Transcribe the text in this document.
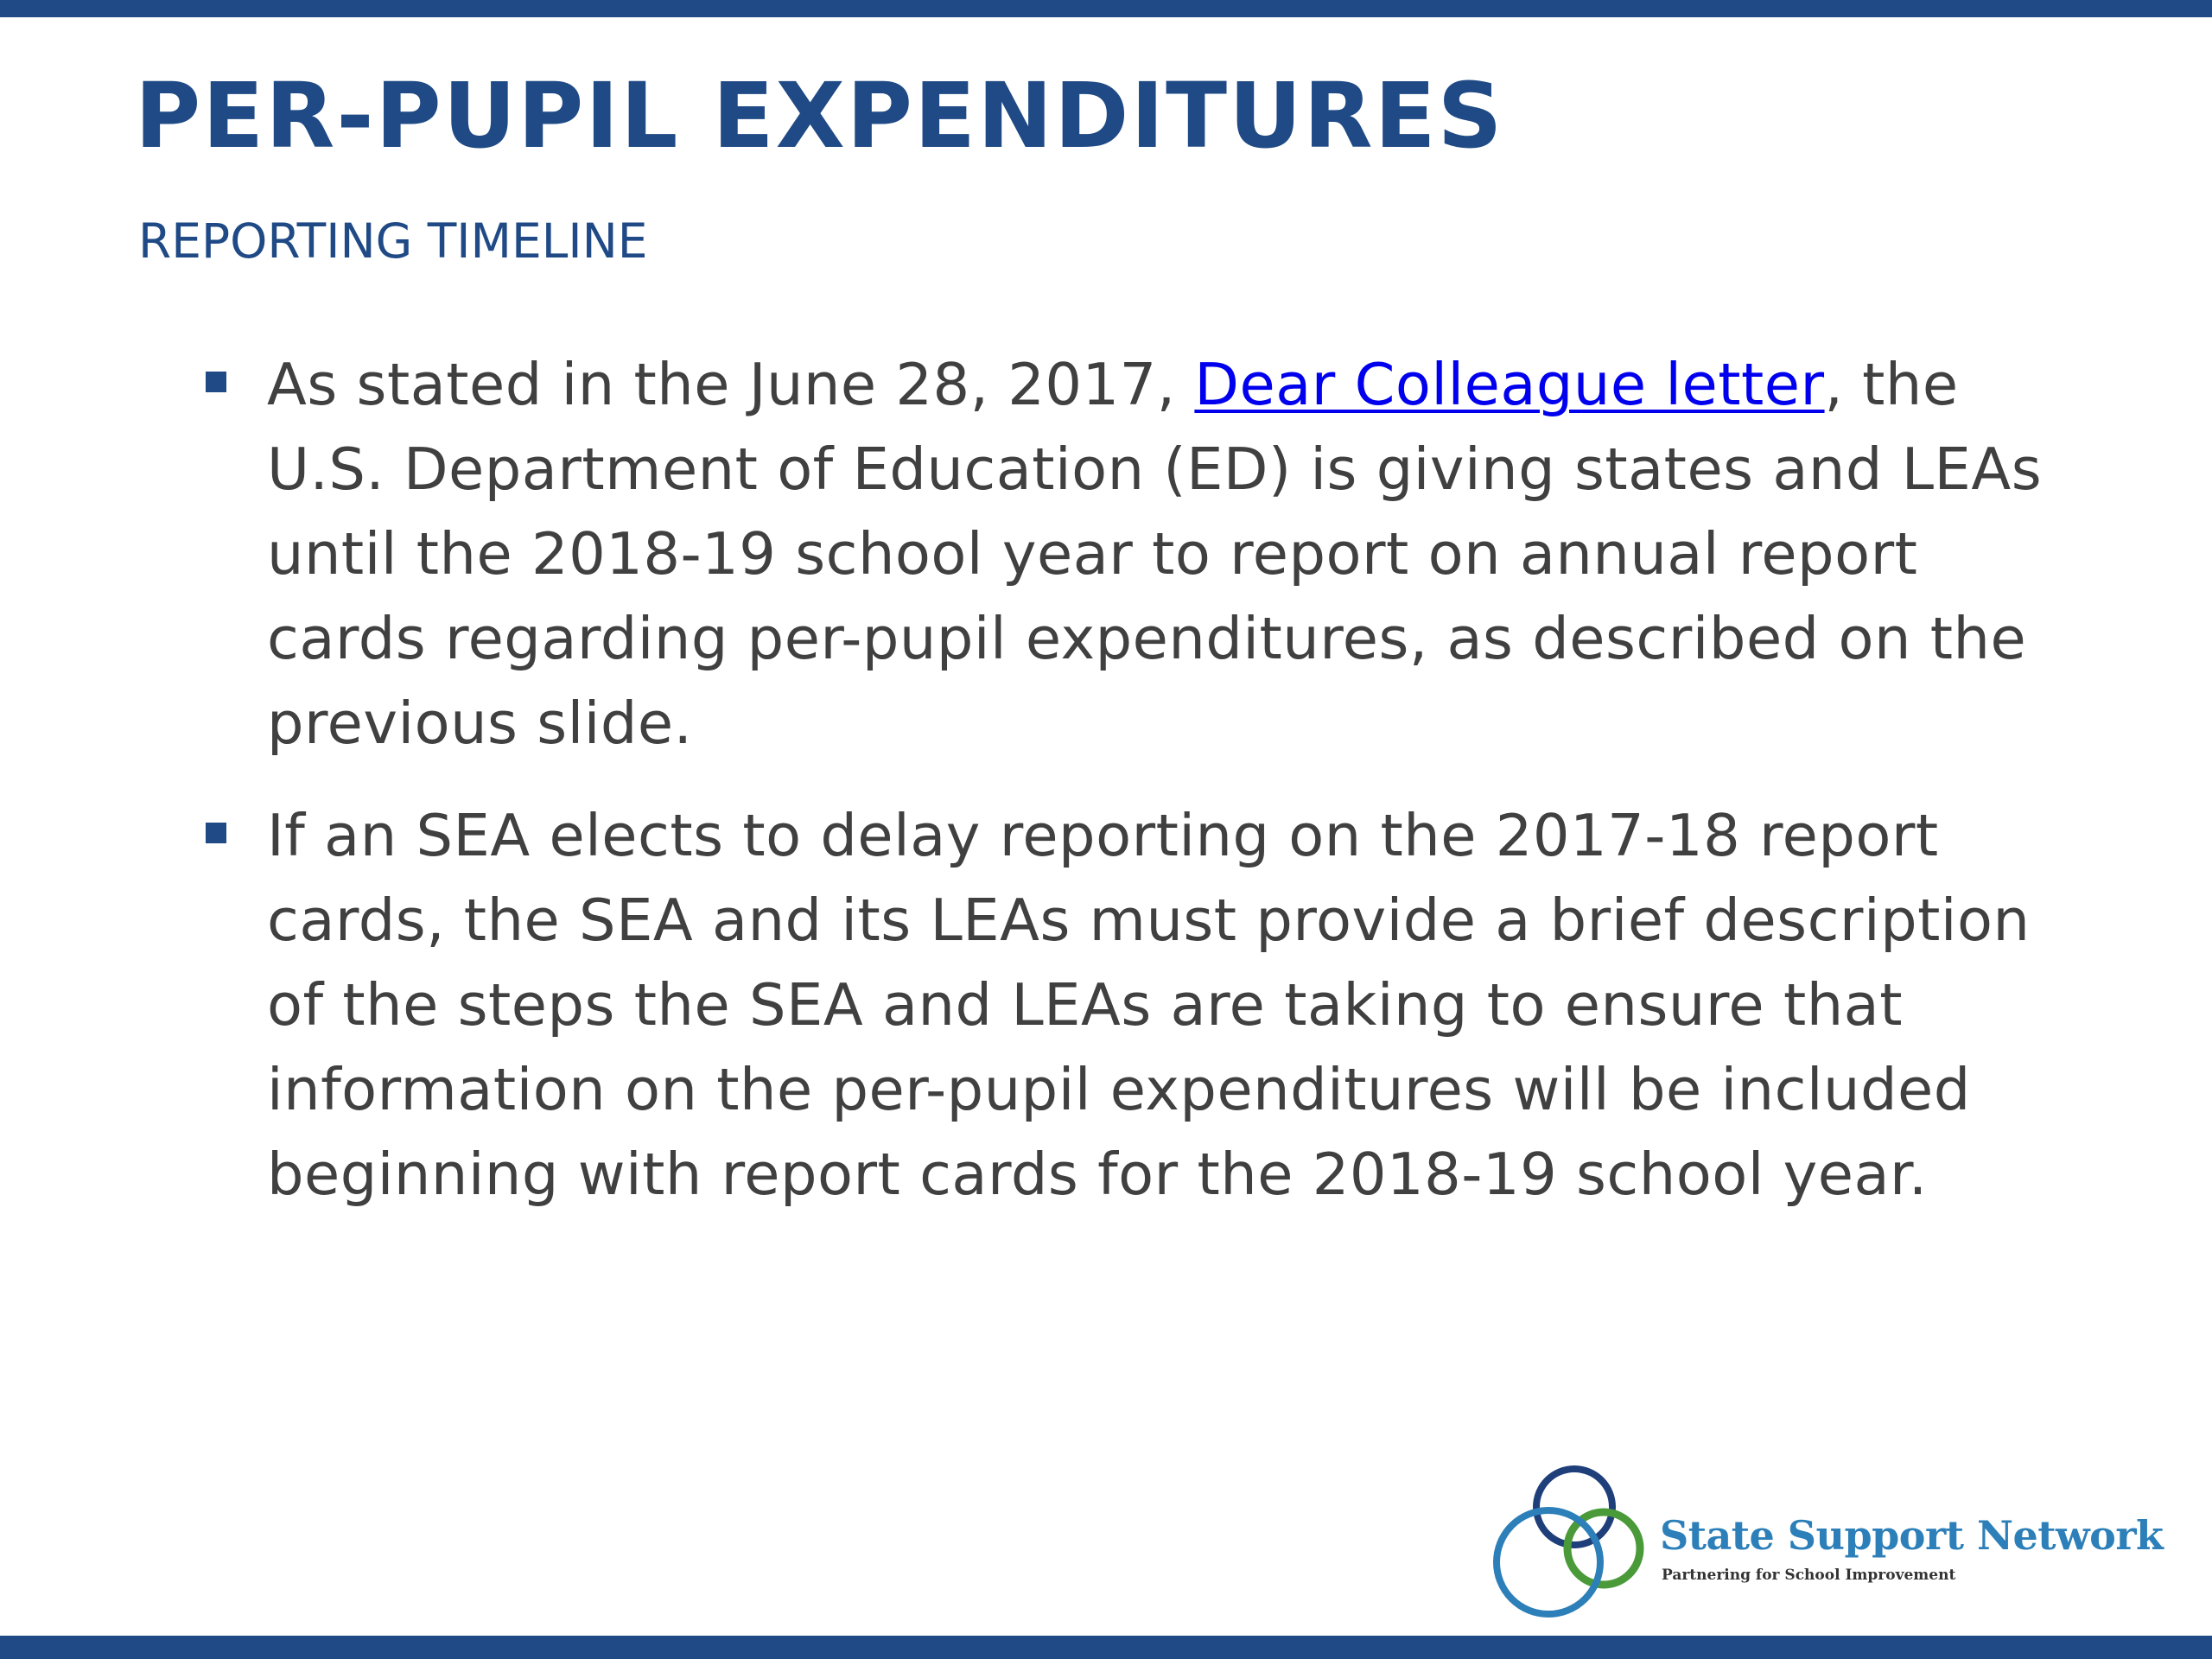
PER-PUPIL EXPENDITURES
REPORTING TIMELINE

As stated in the June 28, 2017, Dear Colleague letter, the U.S. Department of Education (ED) is giving states and LEAs until the 2018-19 school year to report on annual report cards regarding per-pupil expenditures, as described on the previous slide.

If an SEA elects to delay reporting on the 2017-18 report cards, the SEA and its LEAs must provide a brief description of the steps the SEA and LEAs are taking to ensure that information on the per-pupil expenditures will be included beginning with report cards for the 2018-19 school year.

State Support Network
Partnering for School Improvement
